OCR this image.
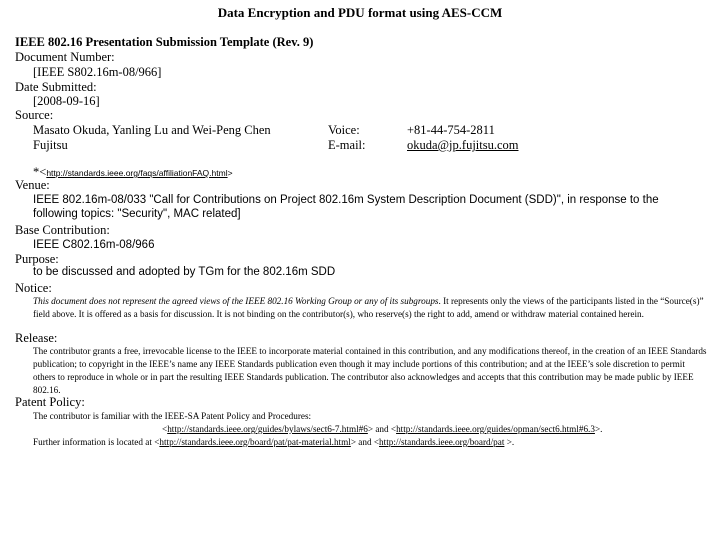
Data Encryption and PDU format using AES-CCM
IEEE 802.16 Presentation Submission Template (Rev. 9)
Document Number:
[IEEE S802.16m-08/966]
Date Submitted:
[2008-09-16]
Source:
Masato Okuda, Yanling Lu and Wei-Peng Chen
Fujitsu
Voice:
E-mail:
+81-44-754-2811
okuda@jp.fujitsu.com
*<http://standards.ieee.org/faqs/affiliationFAQ.html>
Venue:
IEEE 802.16m-08/033 "Call for Contributions on Project 802.16m System Description Document (SDD)", in response to the
following topics: "Security", MAC related]
Base Contribution:
IEEE C802.16m-08/966
Purpose:
to be discussed and adopted by TGm for the 802.16m SDD
Notice:
This document does not represent the agreed views of the IEEE 802.16 Working Group or any of its subgroups. It represents only the views of the participants listed in the “Source(s)” field above. It is offered as a basis for discussion. It is not binding on the contributor(s), who reserve(s) the right to add, amend or withdraw material contained herein.
Release:
The contributor grants a free, irrevocable license to the IEEE to incorporate material contained in this contribution, and any modifications thereof, in the creation of an IEEE Standards publication; to copyright in the IEEE’s name any IEEE Standards publication even though it may include portions of this contribution; and at the IEEE’s sole discretion to permit others to reproduce in whole or in part the resulting IEEE Standards publication. The contributor also acknowledges and accepts that this contribution may be made public by IEEE 802.16.
Patent Policy:
The contributor is familiar with the IEEE-SA Patent Policy and Procedures:
<http://standards.ieee.org/guides/bylaws/sect6-7.html#6> and <http://standards.ieee.org/guides/opman/sect6.html#6.3>.
Further information is located at <http://standards.ieee.org/board/pat/pat-material.html> and <http://standards.ieee.org/board/pat >.
